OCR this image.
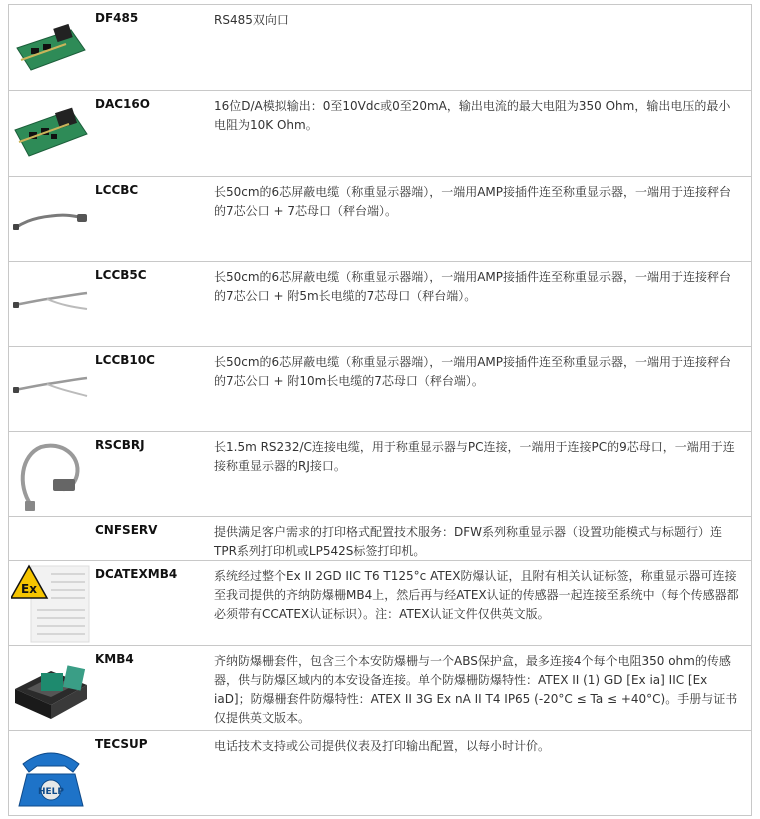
DF485	RS485双向口
DAC16O	16位D/A模拟输出：0至10Vdc或0至20mA，输出电流的最大电阻为350 Ohm，输出电压的最小电阻为10K Ohm。
LCCBC	长50cm的6芯屏蔽电缆（称重显示器端），一端用AMP接插件连至称重显示器，一端用于连接秤台的7芯公口 + 7芯母口（秤台端）。
LCCB5C	长50cm的6芯屏蔽电缆（称重显示器端），一端用AMP接插件连至称重显示器，一端用于连接秤台的7芯公口 + 附5m长电缆的7芯母口（秤台端）。
LCCB10C	长50cm的6芯屏蔽电缆（称重显示器端），一端用AMP接插件连至称重显示器，一端用于连接秤台的7芯公口 + 附10m长电缆的7芯母口（秤台端）。
RSCBRJ	长1.5m RS232/C连接电缆，用于称重显示器与PC连接，一端用于连接PC的9芯母口，一端用于连接称重显示器的RJ接口。
CNFSERV	提供满足客户需求的打印格式配置技术服务：DFW系列称重显示器（设置功能模式与标题行）连TPR系列打印机或LP542S标签打印机。
Ex
DCATEXMB4	系统经过整个Ex II 2GD IIC T6 T125°c ATEX防爆认证，且附有相关认证标签，称重显示器可连接至我司提供的齐纳防爆栅MB4上，然后再与经ATEX认证的传感器一起连接至系统中（每个传感器都必须带有CCATEX认证标识）。注：ATEX认证文件仅供英文版。
KMB4	齐纳防爆栅套件，包含三个本安防爆栅与一个ABS保护盒，最多连接4个每个电阻350 ohm的传感器，供与防爆区域内的本安设备连接。单个防爆栅防爆特性：ATEX II (1) GD [Ex ia] IIC [Ex iaD]；防爆栅套件防爆特性：ATEX II 3G Ex nA II T4 IP65 (-20°C ≤ Ta ≤ +40°C)。手册与证书仅提供英文版本。
HELP
TECSUP	电话技术支持或公司提供仪表及打印输出配置，以每小时计价。
